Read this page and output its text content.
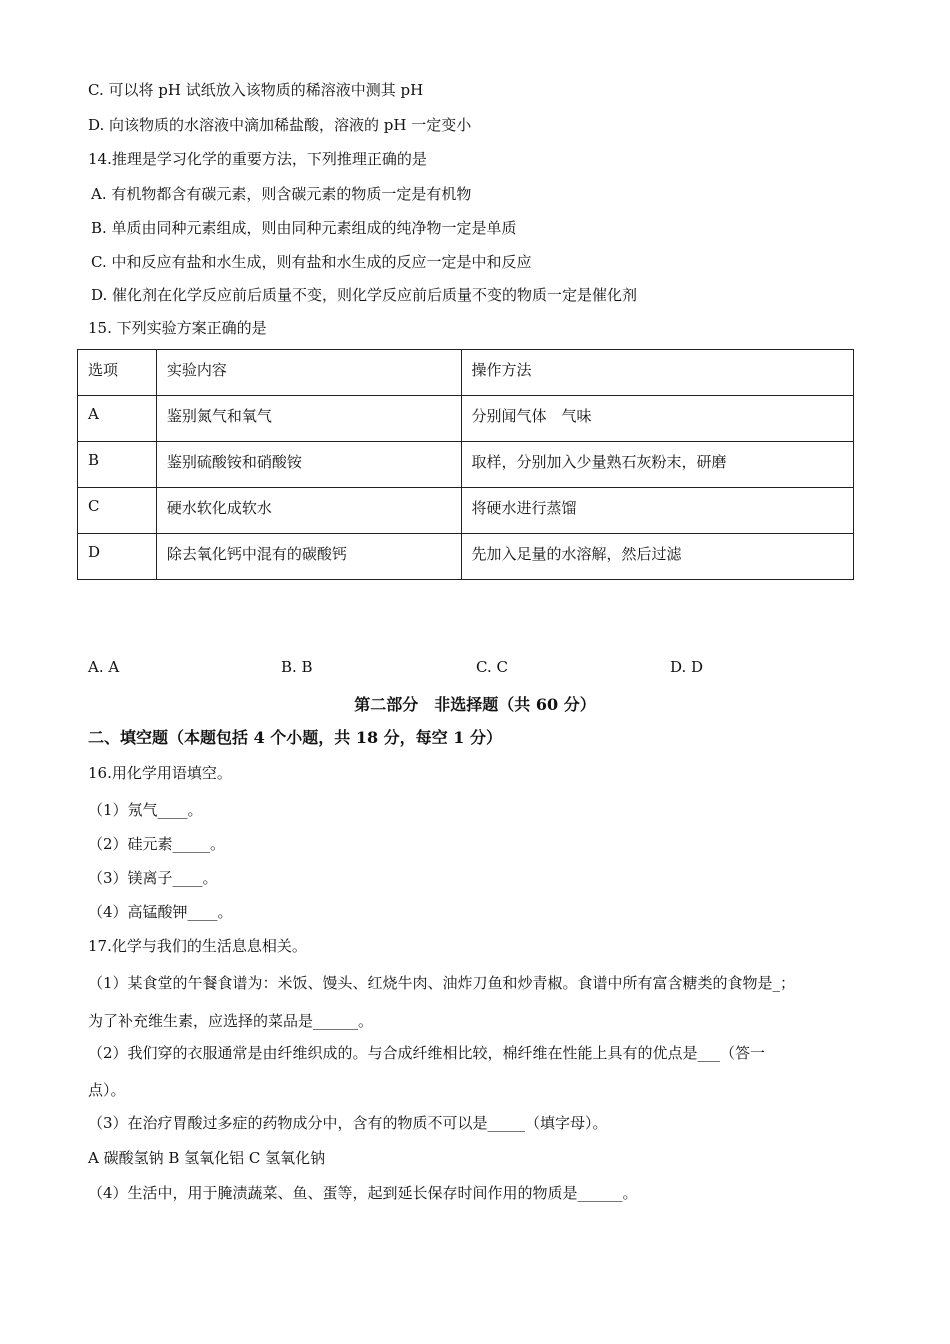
C. 可以将 pH 试纸放入该物质的稀溶液中测其 pH
D. 向该物质的水溶液中滴加稀盐酸，溶液的 pH 一定变小
14.推理是学习化学的重要方法，下列推理正确的是
A. 有机物都含有碳元素，则含碳元素的物质一定是有机物
B. 单质由同种元素组成，则由同种元素组成的纯净物一定是单质
C. 中和反应有盐和水生成，则有盐和水生成的反应一定是中和反应
D. 催化剂在化学反应前后质量不变，则化学反应前后质量不变的物质一定是催化剂
15. 下列实验方案正确的是
选项	实验内容	操作方法
A	鉴别氮气和氧气	分别闻气体　气味
B	鉴别硫酸铵和硝酸铵	取样，分别加入少量熟石灰粉末，研磨
C	硬水软化成软水	将硬水进行蒸馏
D	除去氧化钙中混有的碳酸钙	先加入足量的水溶解，然后过滤
A. A	B. B	C. C	D. D
第二部分　非选择题（共 60 分）
二、填空题（本题包括 4 个小题，共 18 分，每空 1 分）
16.用化学用语填空。
（1）氖气____。
（2）硅元素_____。
（3）镁离子____。
（4）高锰酸钾____。
17.化学与我们的生活息息相关。
（1）某食堂的午餐食谱为：米饭、馒头、红烧牛肉、油炸刀鱼和炒青椒。食谱中所有富含糖类的食物是_；
为了补充维生素，应选择的菜品是______。
（2）我们穿的衣服通常是由纤维织成的。与合成纤维相比较，棉纤维在性能上具有的优点是___（答一
点）。
（3）在治疗胃酸过多症的药物成分中，含有的物质不可以是_____（填字母）。
A 碳酸氢钠 B 氢氧化铝 C 氢氧化钠
（4）生活中，用于腌渍蔬菜、鱼、蛋等，起到延长保存时间作用的物质是______。
